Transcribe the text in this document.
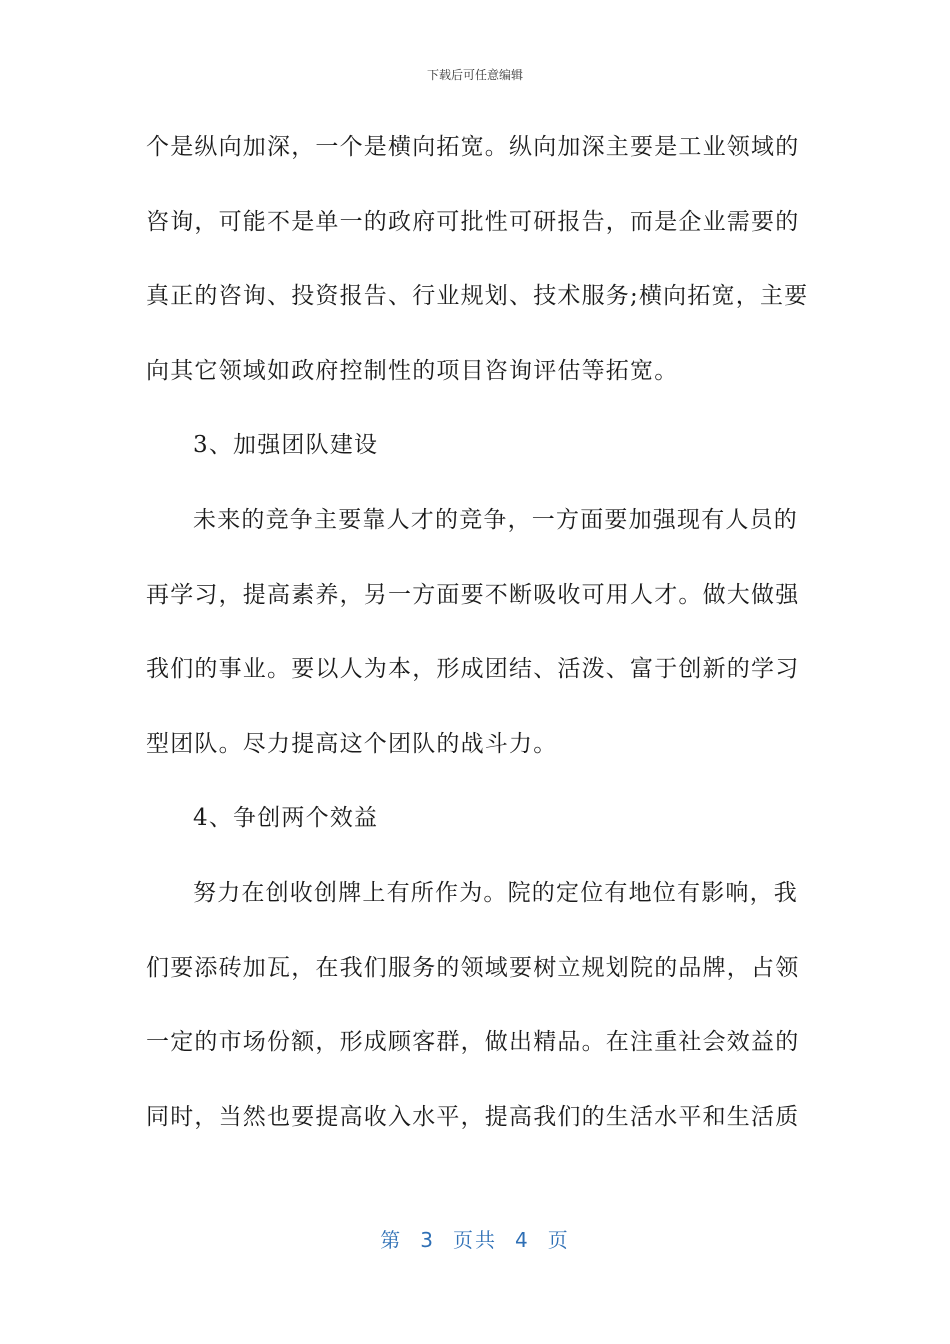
下载后可任意编辑
个是纵向加深，一个是横向拓宽。纵向加深主要是工业领域的
咨询，可能不是单一的政府可批性可研报告，而是企业需要的
真正的咨询、投资报告、行业规划、技术服务;横向拓宽，主要
向其它领域如政府控制性的项目咨询评估等拓宽。
3、加强团队建设
未来的竞争主要靠人才的竞争，一方面要加强现有人员的
再学习，提高素养，另一方面要不断吸收可用人才。做大做强
我们的事业。要以人为本，形成团结、活泼、富于创新的学习
型团队。尽力提高这个团队的战斗力。
4、争创两个效益
努力在创收创牌上有所作为。院的定位有地位有影响，我
们要添砖加瓦，在我们服务的领域要树立规划院的品牌，占领
一定的市场份额，形成顾客群，做出精品。在注重社会效益的
同时，当然也要提高收入水平，提高我们的生活水平和生活质
第 3 页共 4 页
